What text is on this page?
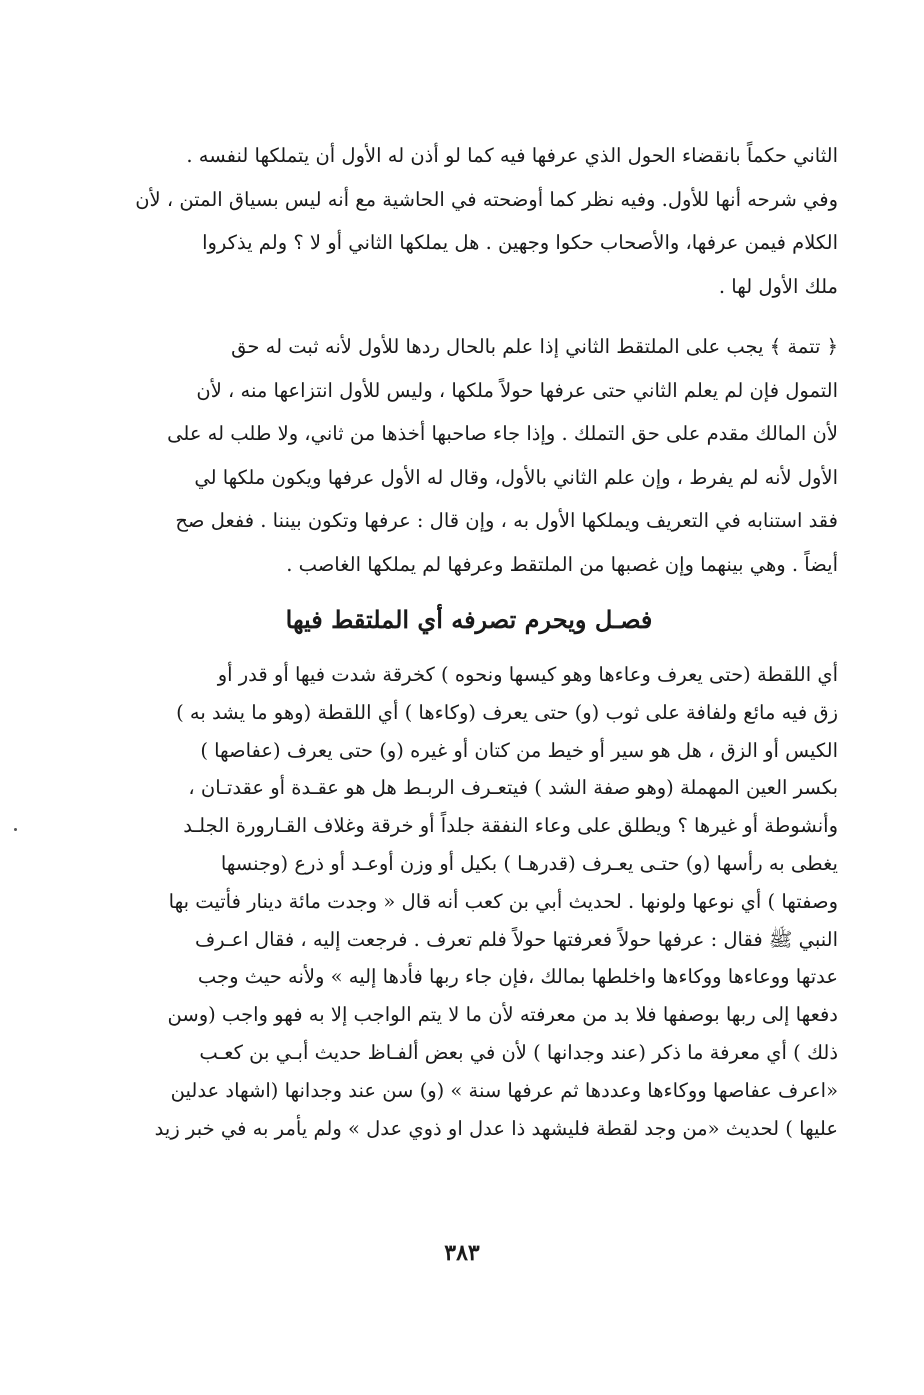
الثاني حكماً بانقضاء الحول الذي عرفها فيه كما لو أذن له الأول أن يتملكها لنفسه .
وفي شرحه أنها للأول. وفيه نظر كما أوضحته في الحاشية مع أنه ليس بسياق المتن ، لأن
الكلام فيمن عرفها، والأصحاب حكوا وجهين . هل يملكها الثاني أو لا ؟ ولم يذكروا
ملك الأول لها .
﴿ تتمة ﴾ يجب على الملتقط الثاني إذا علم بالحال ردها للأول لأنه ثبت له حق
التمول فإن لم يعلم الثاني حتى عرفها حولاً ملكها ، وليس للأول انتزاعها منه ، لأن
لأن المالك مقدم على حق التملك . وإذا جاء صاحبها أخذها من ثاني، ولا طلب له على
الأول لأنه لم يفرط ، وإن علم الثاني بالأول، وقال له الأول عرفها ويكون ملكها لي
فقد استنابه في التعريف ويملكها الأول به ، وإن قال : عرفها وتكون بيننا . ففعل صح
أيضاً . وهي بينهما وإن غصبها من الملتقط وعرفها لم يملكها الغاصب .
فصـل ويحرم تصرفه أي الملتقط فيها
أي اللقطة (حتى يعرف وعاءها وهو كيسها ونحوه ) كخرقة شدت فيها أو قدر أو
زق فيه مائع ولفافة على ثوب (و) حتى يعرف (وكاءها ) أي اللقطة (وهو ما يشد به )
الكيس أو الزق ، هل هو سير أو خيط من كتان أو غيره (و) حتى يعرف (عفاصها )
بكسر العين المهملة (وهو صفة الشد ) فيتعـرف الربـط هل هو عقـدة أو عقدتـان ،
وأنشوطة أو غيرها ؟ ويطلق على وعاء النفقة جلداً أو خرقة وغلاف القـارورة الجلـد
يغطى به رأسها (و) حتـى يعـرف (قدرهـا ) بكيل أو وزن أوعـد أو ذرع (وجنسها
وصفتها ) أي نوعها ولونها . لحديث أبي بن كعب أنه قال « وجدت مائة دينار فأتيت بها
النبي ﷺ فقال : عرفها حولاً فعرفتها حولاً فلم تعرف . فرجعت إليه ، فقال اعـرف
عدتها ووعاءها ووكاءها واخلطها بمالك ،فإن جاء ربها فأدها إليه » ولأنه حيث وجب
دفعها إلى ربها بوصفها فلا بد من معرفته لأن ما لا يتم الواجب إلا به فهو واجب (وسن
ذلك ) أي معرفة ما ذكر (عند وجدانها ) لأن في بعض ألفـاظ حديث أبـي بن كعـب
«اعرف عفاصها ووكاءها وعددها ثم عرفها سنة » (و) سن عند وجدانها (اشهاد عدلين
عليها ) لحديث «من وجد لقطة فليشهد ذا عدل او ذوي عدل » ولم يأمر به في خبر زيد
٣٨٣
